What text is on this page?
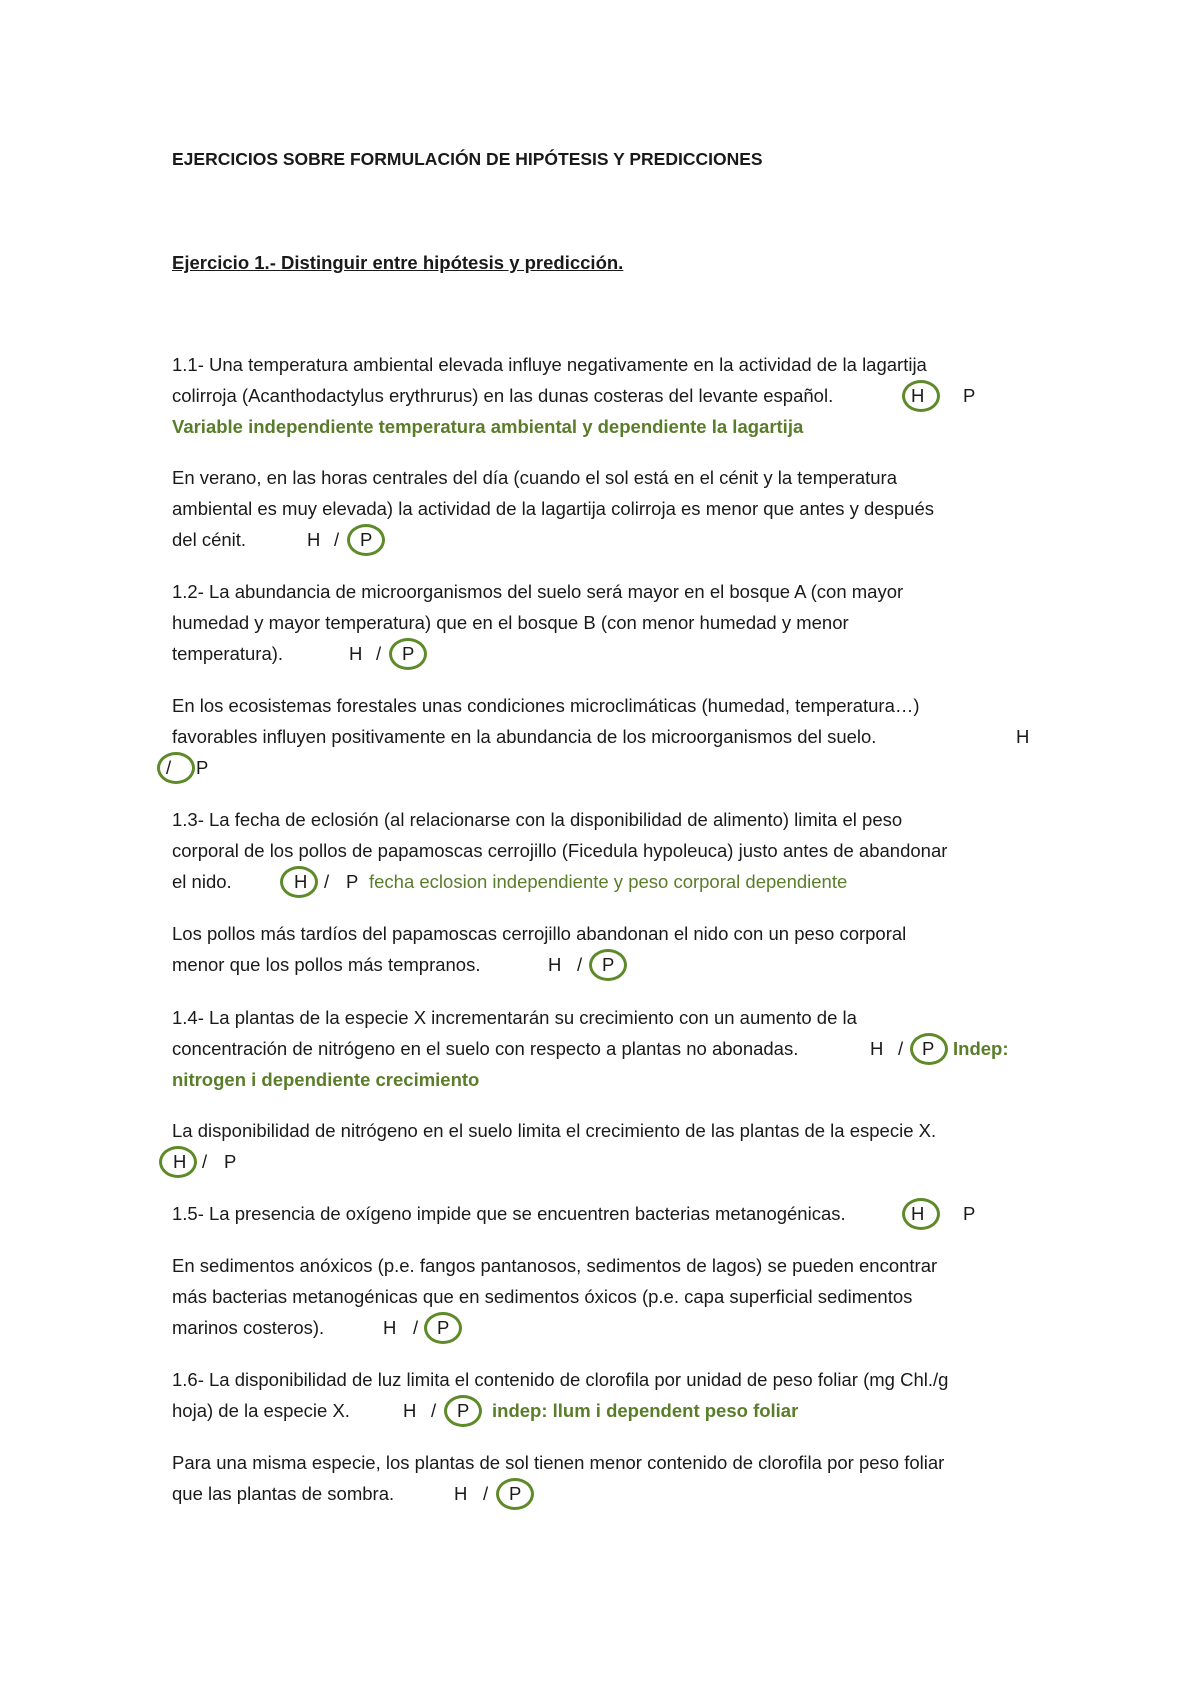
EJERCICIOS SOBRE FORMULACIÓN DE HIPÓTESIS Y PREDICCIONES
Ejercicio 1.- Distinguir entre hipótesis y predicción.
1.1- Una temperatura ambiental elevada influye negativamente en la actividad de la lagartija
colirroja (Acanthodactylus erythrurus) en las dunas costeras del levante español.	H P
Variable independiente temperatura ambiental y dependiente la lagartija
En verano, en las horas centrales del día (cuando el sol está en el cénit y la temperatura
ambiental es muy elevada) la actividad de la lagartija colirroja es menor que antes y después
del cénit.	H / P
1.2- La abundancia de microorganismos del suelo será mayor en el bosque A (con mayor
humedad y mayor temperatura) que en el bosque B (con menor humedad y menor
temperatura).	H / P
En los ecosistemas forestales unas condiciones microclimáticas (humedad, temperatura…)
favorables influyen positivamente en la abundancia de los microorganismos del suelo.	H
/ P
1.3- La fecha de eclosión (al relacionarse con la disponibilidad de alimento) limita el peso
corporal de los pollos de papamoscas cerrojillo (Ficedula hypoleuca) justo antes de abandonar
el nido.	H / P fecha eclosion independiente y peso corporal dependiente
Los pollos más tardíos del papamoscas cerrojillo abandonan el nido con un peso corporal
menor que los pollos más tempranos.	H / P
1.4- La plantas de la especie X incrementarán su crecimiento con un aumento de la
concentración de nitrógeno en el suelo con respecto a plantas no abonadas.	H / P Indep:
nitrogen i dependiente crecimiento
La disponibilidad de nitrógeno en el suelo limita el crecimiento de las plantas de la especie X.
H / P
1.5- La presencia de oxígeno impide que se encuentren bacterias metanogénicas.	H P
En sedimentos anóxicos (p.e. fangos pantanosos, sedimentos de lagos) se pueden encontrar
más bacterias metanogénicas que en sedimentos óxicos (p.e. capa superficial sedimentos
marinos costeros).	H / P
1.6- La disponibilidad de luz limita el contenido de clorofila por unidad de peso foliar (mg Chl./g
hoja) de la especie X.	H / P indep: llum i dependent peso foliar
Para una misma especie, los plantas de sol tienen menor contenido de clorofila por peso foliar
que las plantas de sombra.	H / P
